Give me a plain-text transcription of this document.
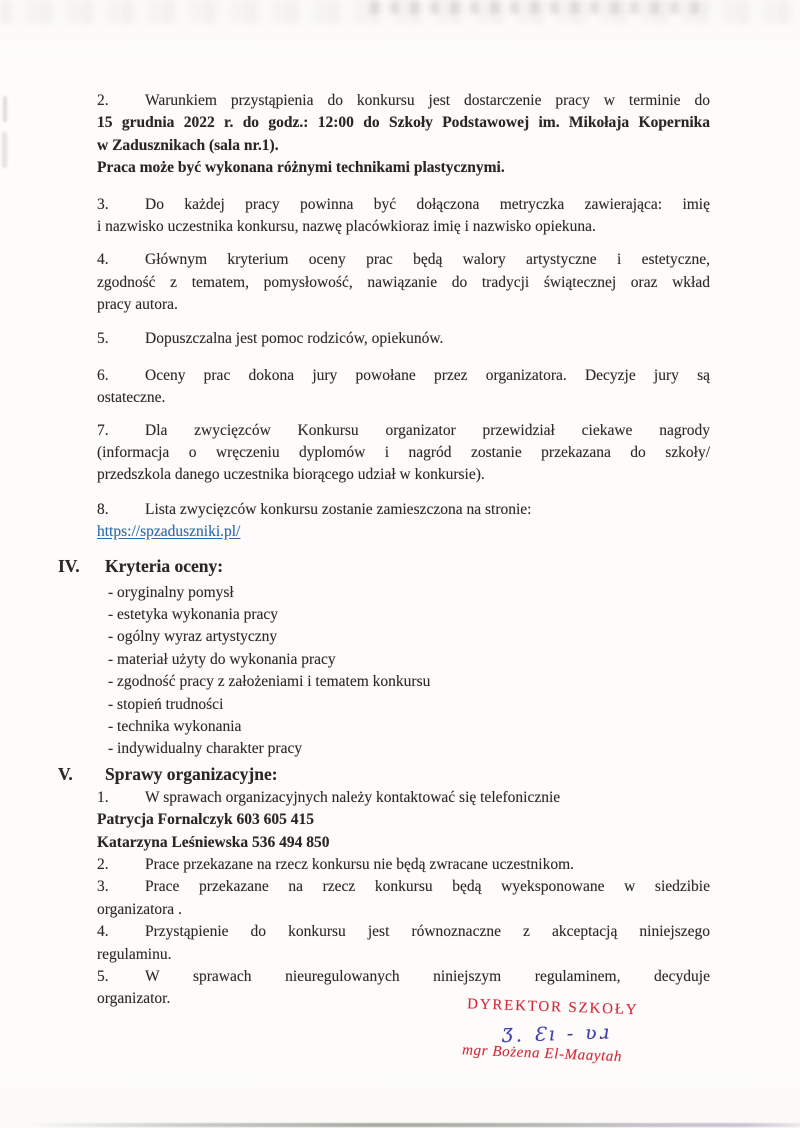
2. Warunkiem przystąpienia do konkursu jest dostarczenie pracy w terminie do
15 grudnia 2022 r. do godz.: 12:00 do Szkoły Podstawowej im. Mikołaja Kopernika
w Zadusznikach (sala nr.1).
Praca może być wykonana różnymi technikami plastycznymi.

3. Do każdej pracy powinna być dołączona metryczka zawierająca: imię
i nazwisko uczestnika konkursu, nazwę placówkioraz imię i nazwisko opiekuna.

4. Głównym kryterium oceny prac będą walory artystyczne i estetyczne,
zgodność z tematem, pomysłowość, nawiązanie do tradycji świątecznej oraz wkład
pracy autora.

5. Dopuszczalna jest pomoc rodziców, opiekunów.

6. Oceny prac dokona jury powołane przez organizatora. Decyzje jury są
ostateczne.

7. Dla zwycięzców Konkursu organizator przewidział ciekawe nagrody
(informacja o wręczeniu dyplomów i nagród zostanie przekazana do szkoły/
przedszkola danego uczestnika biorącego udział w konkursie).

8. Lista zwycięzców konkursu zostanie zamieszczona na stronie:
https://spzaduszniki.pl/

IV. Kryteria oceny:
- oryginalny pomysł
- estetyka wykonania pracy
- ogólny wyraz artystyczny
- materiał użyty do wykonania pracy
- zgodność pracy z założeniami i tematem konkursu
- stopień trudności
- technika wykonania
- indywidualny charakter pracy
V. Sprawy organizacyjne:

1. W sprawach organizacyjnych należy kontaktować się telefonicznie
Patrycja Fornalczyk 603 605 415
Katarzyna Leśniewska 536 494 850

2. Prace przekazane na rzecz konkursu nie będą zwracane uczestnikom.

3. Prace przekazane na rzecz konkursu będą wyeksponowane w siedzibie
organizatora .

4. Przystąpienie do konkursu jest równoznaczne z akceptacją niniejszego
regulaminu.

5. W sprawach nieuregulowanych niniejszym regulaminem, decyduje
organizator.	DYREKTOR SZKOŁY
Ʒ. Ɛı - ʋɹ
mgr Bożena El-Maaytah
